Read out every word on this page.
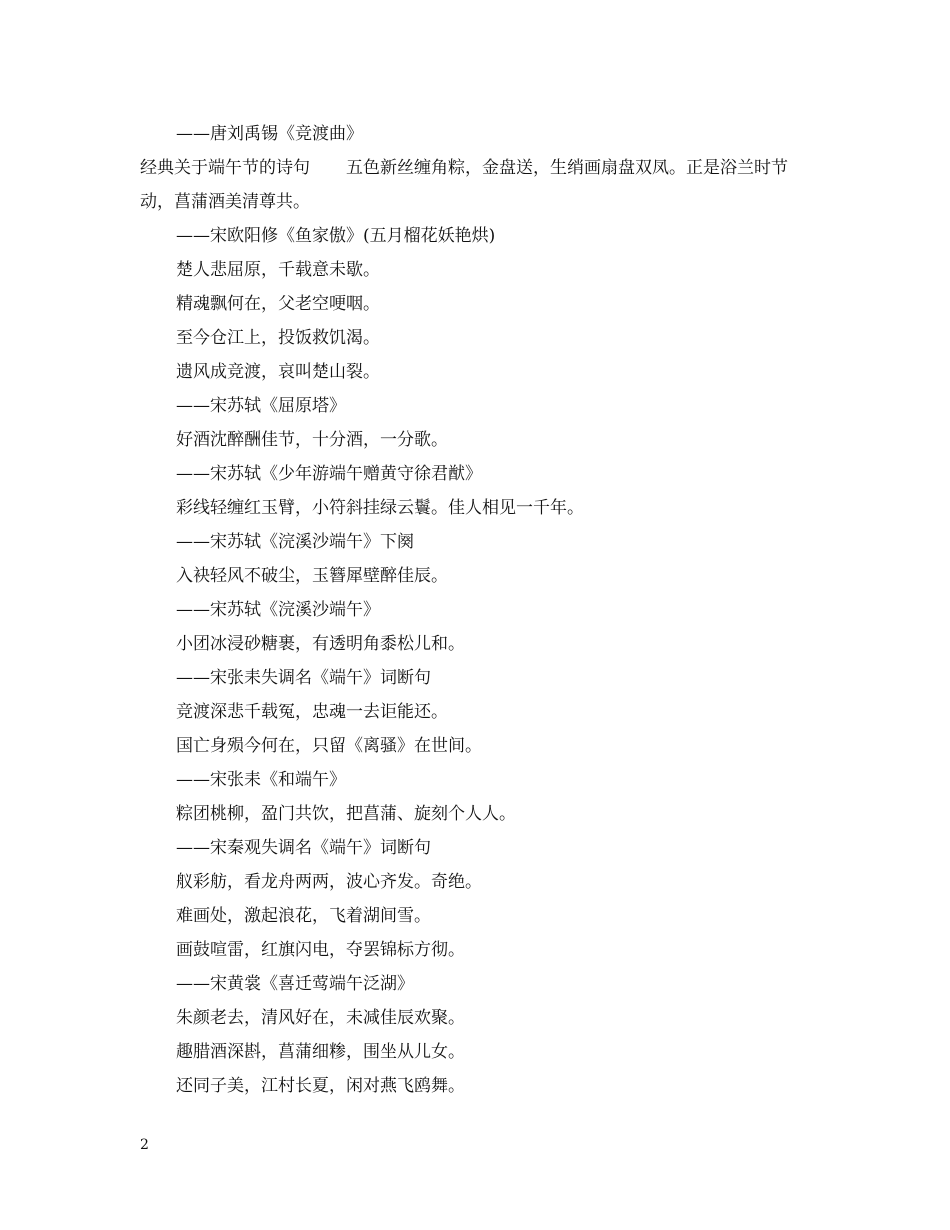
——唐刘禹锡《竞渡曲》
经典关于端午节的诗句 五色新丝缠角粽，金盘送，生绡画扇盘双凤。正是浴兰时节动，菖蒲酒美清尊共。
——宋欧阳修《鱼家傲》(五月榴花妖艳烘)
楚人悲屈原，千载意未歇。
精魂飘何在，父老空哽咽。
至今仓江上，投饭救饥渴。
遗风成竞渡，哀叫楚山裂。
——宋苏轼《屈原塔》
好酒沈醉酬佳节，十分酒，一分歌。
——宋苏轼《少年游端午赠黄守徐君猷》
彩线轻缠红玉臂，小符斜挂绿云鬟。佳人相见一千年。
——宋苏轼《浣溪沙端午》下阕
入袂轻风不破尘，玉簪犀壁醉佳辰。
——宋苏轼《浣溪沙端午》
小团冰浸砂糖裹，有透明角黍松儿和。
——宋张耒失调名《端午》词断句
竞渡深悲千载冤，忠魂一去讵能还。
国亡身殒今何在，只留《离骚》在世间。
——宋张耒《和端午》
粽团桃柳，盈门共饮，把菖蒲、旋刻个人人。
——宋秦观失调名《端午》词断句
舣彩舫，看龙舟两两，波心齐发。奇绝。
难画处，激起浪花，飞着湖间雪。
画鼓喧雷，红旗闪电，夺罢锦标方彻。
——宋黄裳《喜迁莺端午泛湖》
朱颜老去，清风好在，未减佳辰欢聚。
趣腊酒深斟，菖蒲细糁，围坐从儿女。
还同子美，江村长夏，闲对燕飞鸥舞。
2
